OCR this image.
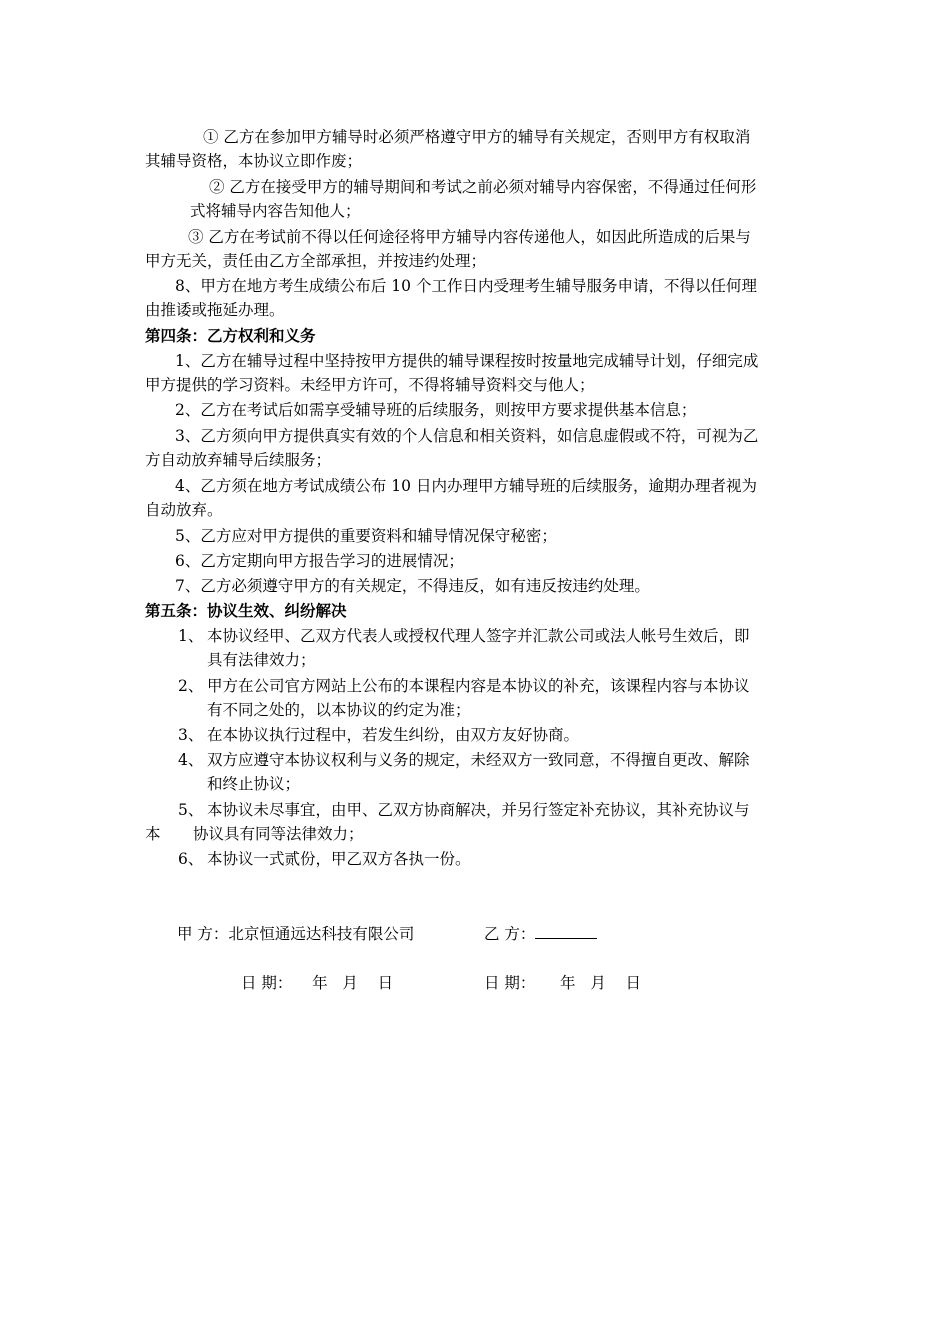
① 乙方在参加甲方辅导时必须严格遵守甲方的辅导有关规定，否则甲方有权取消
其辅导资格，本协议立即作废；
② 乙方在接受甲方的辅导期间和考试之前必须对辅导内容保密，不得通过任何形
式将辅导内容告知他人；
③ 乙方在考试前不得以任何途径将甲方辅导内容传递他人，如因此所造成的后果与
甲方无关，责任由乙方全部承担，并按违约处理；
8、甲方在地方考生成绩公布后 10 个工作日内受理考生辅导服务申请，不得以任何理
由推诿或拖延办理。
第四条：乙方权利和义务
1、乙方在辅导过程中坚持按甲方提供的辅导课程按时按量地完成辅导计划，仔细完成
甲方提供的学习资料。未经甲方许可，不得将辅导资料交与他人；
2、乙方在考试后如需享受辅导班的后续服务，则按甲方要求提供基本信息；
3、乙方须向甲方提供真实有效的个人信息和相关资料，如信息虚假或不符，可视为乙
方自动放弃辅导后续服务；
4、乙方须在地方考试成绩公布 10 日内办理甲方辅导班的后续服务，逾期办理者视为
自动放弃。
5、乙方应对甲方提供的重要资料和辅导情况保守秘密；
6、乙方定期向甲方报告学习的进展情况；
7、乙方必须遵守甲方的有关规定，不得违反，如有违反按违约处理。
第五条：协议生效、纠纷解决
1、 本协议经甲、乙双方代表人或授权代理人签字并汇款公司或法人帐号生效后，即
具有法律效力；
2、 甲方在公司官方网站上公布的本课程内容是本协议的补充，该课程内容与本协议
有不同之处的，以本协议的约定为准；
3、 在本协议执行过程中，若发生纠纷，由双方友好协商。
4、 双方应遵守本协议权利与义务的规定，未经双方一致同意，不得擅自更改、解除
和终止协议；
5、 本协议未尽事宜，由甲、乙双方协商解决，并另行签定补充协议，其补充协议与
本 协议具有同等法律效力；
6、 本协议一式贰份，甲乙双方各执一份。
甲 方：北京恒通远达科技有限公司	乙 方：
日 期：    年   月    日	日 期：     年   月    日
